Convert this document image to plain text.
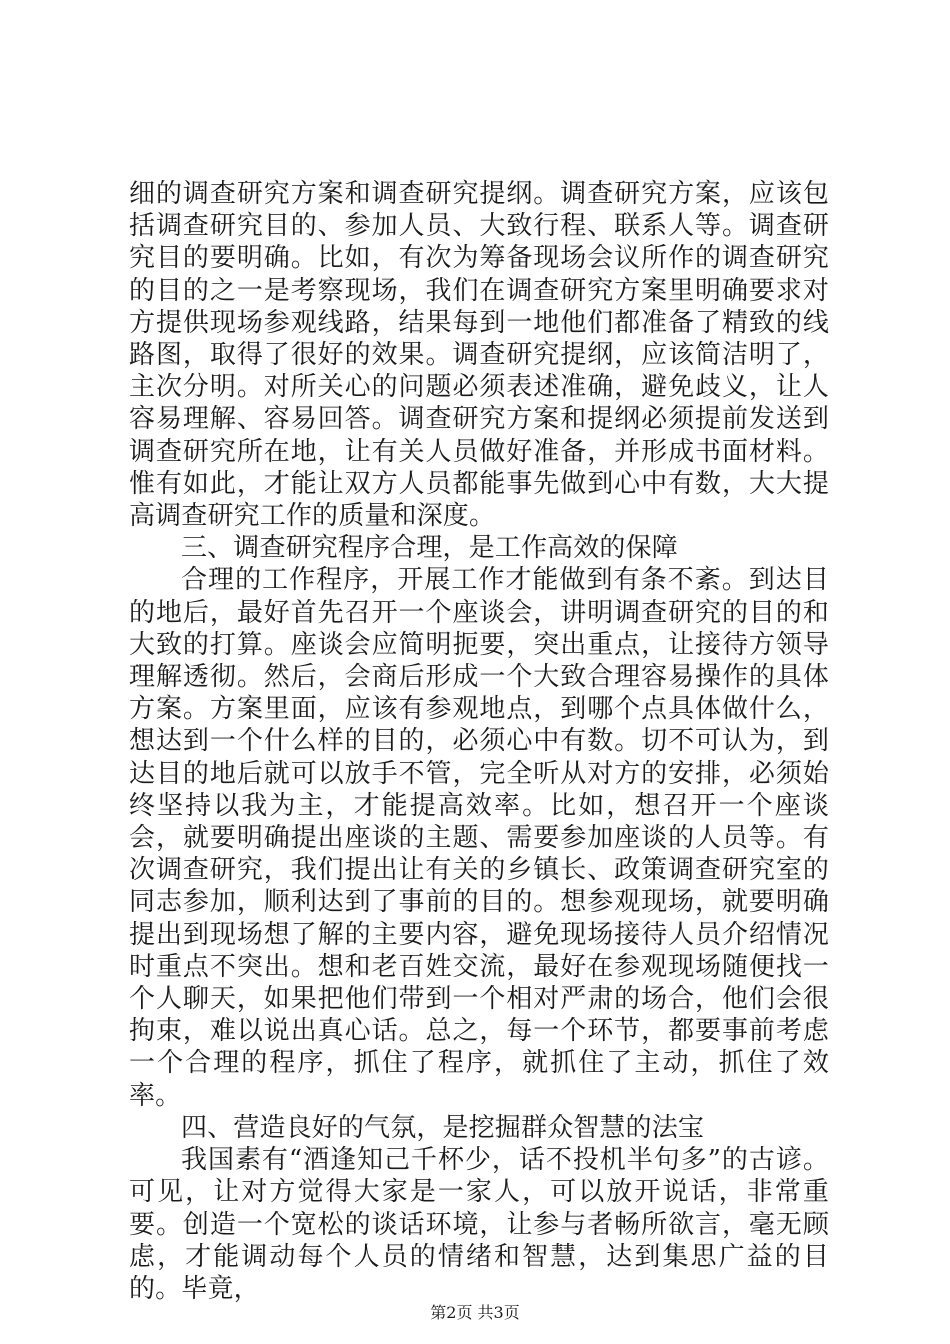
细的调查研究方案和调查研究提纲。调查研究方案，应该包括调查研究目的、参加人员、大致行程、联系人等。调查研究目的要明确。比如，有次为筹备现场会议所作的调查研究的目的之一是考察现场，我们在调查研究方案里明确要求对方提供现场参观线路，结果每到一地他们都准备了精致的线路图，取得了很好的效果。调查研究提纲，应该简洁明了，主次分明。对所关心的问题必须表述准确，避免歧义，让人容易理解、容易回答。调查研究方案和提纲必须提前发送到调查研究所在地，让有关人员做好准备，并形成书面材料。惟有如此，才能让双方人员都能事先做到心中有数，大大提高调查研究工作的质量和深度。

三、调查研究程序合理，是工作高效的保障

合理的工作程序，开展工作才能做到有条不紊。到达目的地后，最好首先召开一个座谈会，讲明调查研究的目的和大致的打算。座谈会应简明扼要，突出重点，让接待方领导理解透彻。然后，会商后形成一个大致合理容易操作的具体方案。方案里面，应该有参观地点，到哪个点具体做什么，想达到一个什么样的目的，必须心中有数。切不可认为，到达目的地后就可以放手不管，完全听从对方的安排，必须始终坚持以我为主，才能提高效率。比如，想召开一个座谈会，就要明确提出座谈的主题、需要参加座谈的人员等。有次调查研究，我们提出让有关的乡镇长、政策调查研究室的同志参加，顺利达到了事前的目的。想参观现场，就要明确提出到现场想了解的主要内容，避免现场接待人员介绍情况时重点不突出。想和老百姓交流，最好在参观现场随便找一个人聊天，如果把他们带到一个相对严肃的场合，他们会很拘束，难以说出真心话。总之，每一个环节，都要事前考虑一个合理的程序，抓住了程序，就抓住了主动，抓住了效率。

四、营造良好的气氛，是挖掘群众智慧的法宝

我国素有“酒逢知己千杯少，话不投机半句多”的古谚。可见，让对方觉得大家是一家人，可以放开说话，非常重要。创造一个宽松的谈话环境，让参与者畅所欲言，毫无顾虑，才能调动每个人员的情绪和智慧，达到集思广益的目的。毕竟，

第2页 共3页
